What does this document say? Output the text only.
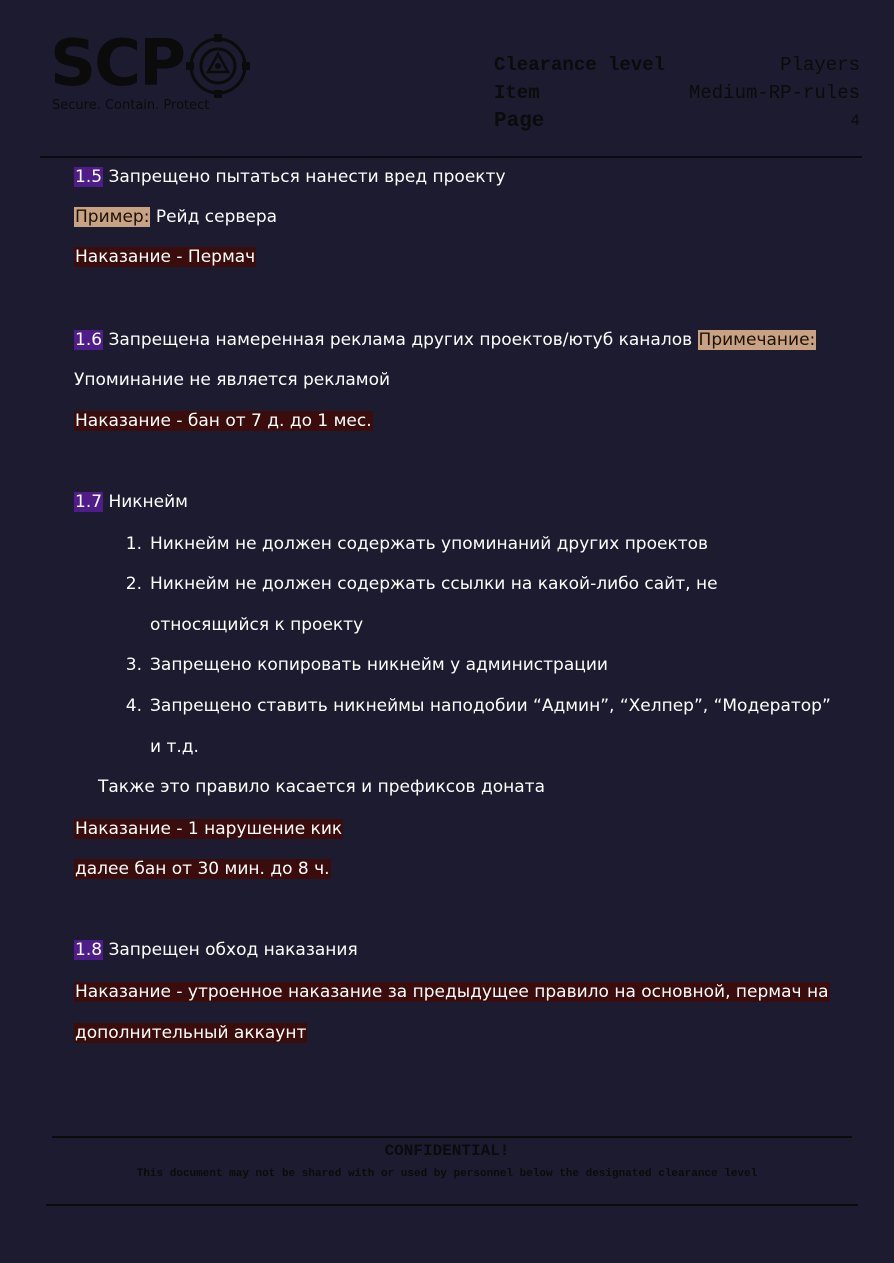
SCP
Secure. Contain. Protect
Clearance level	Players
Item	Medium-RP-rules
Page	4
1.5 Запрещено пытаться нанести вред проекту
Пример: Рейд сервера
Наказание - Пермач
1.6 Запрещена намеренная реклама других проектов/ютуб каналов Примечание:
Упоминание не является рекламой
Наказание - бан от 7 д. до 1 мес.
1.7 Никнейм
1. Никнейм не должен содержать упоминаний других проектов
2. Никнейм не должен содержать ссылки на какой-либо сайт, не
относящийся к проекту
3. Запрещено копировать никнейм у администрации
4. Запрещено ставить никнеймы наподобии “Админ”, “Хелпер”, “Модератор”
и т.д.
Также это правило касается и префиксов доната
Наказание - 1 нарушение кик
далее бан от 30 мин. до 8 ч.
1.8 Запрещен обход наказания
Наказание - утроенное наказание за предыдущее правило на основной, пермач на
дополнительный аккаунт
CONFIDENTIAL!
This document may not be shared with or used by personnel below the designated clearance level
